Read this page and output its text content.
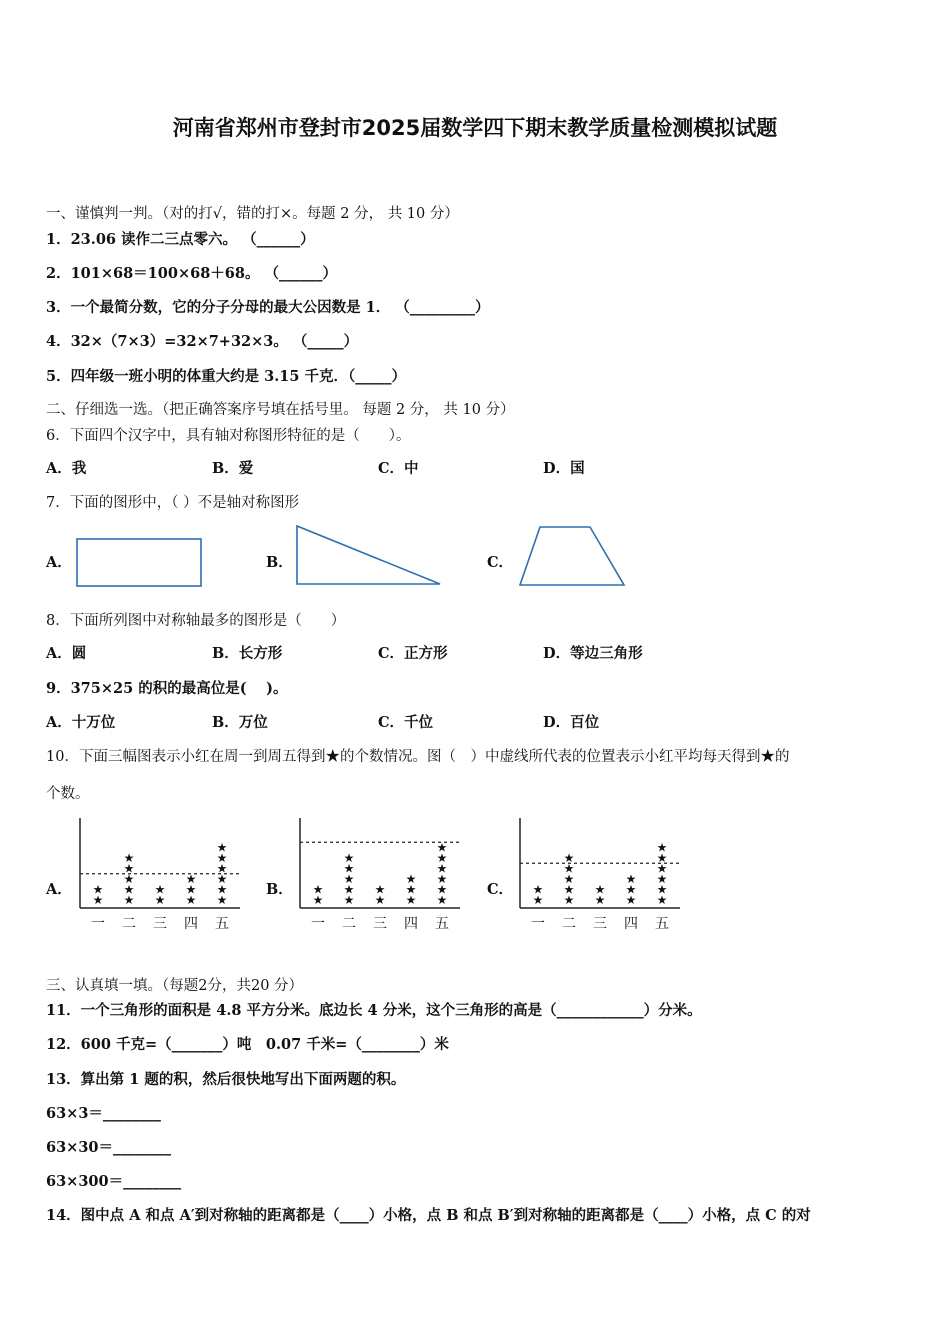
河南省郑州市登封市2025届数学四下期末教学质量检测模拟试题
一、谨慎判一判。（对的打√，错的打×。每题 2 分， 共 10 分）
1．23.06 读作二三点零六。 （______）
2．101×68＝100×68＋68。 （______）
3．一个最简分数，它的分子分母的最大公因数是 1． （_________）
4．32×（7×3）=32×7+32×3。 （_____）
5．四年级一班小明的体重大约是 3.15 千克．（_____）
二、仔细选一选。（把正确答案序号填在括号里。 每题 2 分， 共 10 分）
6．下面四个汉字中，具有轴对称图形特征的是（　　）。
A．我	B．爱	C．中	D．国
7．下面的图形中，（ ）不是轴对称图形
A．	B．	C．
8．下面所列图中对称轴最多的图形是（　　）
A．圆	B．长方形	C．正方形	D．等边三角形
9．375×25 的积的最高位是(　 )。
A．十万位	B．万位	C．千位	D．百位
10．下面三幅图表示小红在周一到周五得到★的个数情况。图（　）中虚线所代表的位置表示小红平均每天得到★的
个数。
A．	B．	C．
★
★
一
★
★
★
★
★
二
★
★
三
★
★
★
四
★
★
★
★
★
★
五
★
★
一
★
★
★
★
★
二
★
★
三
★
★
★
四
★
★
★
★
★
★
五
★
★
一
★
★
★
★
★
二
★
★
三
★
★
★
四
★
★
★
★
★
★
五
三、认真填一填。（每题2分，共20 分）
11．一个三角形的面积是 4.8 平方分米。底边长 4 分米，这个三角形的高是（____________）分米。
12．600 千克=（_______）吨　0.07 千米=（________）米
13．算出第 1 题的积，然后很快地写出下面两题的积。
63×3＝________
63×30＝________
63×300＝________
14．图中点 A 和点 A′到对称轴的距离都是（____）小格，点 B 和点 B′到对称轴的距离都是（____）小格，点 C 的对
